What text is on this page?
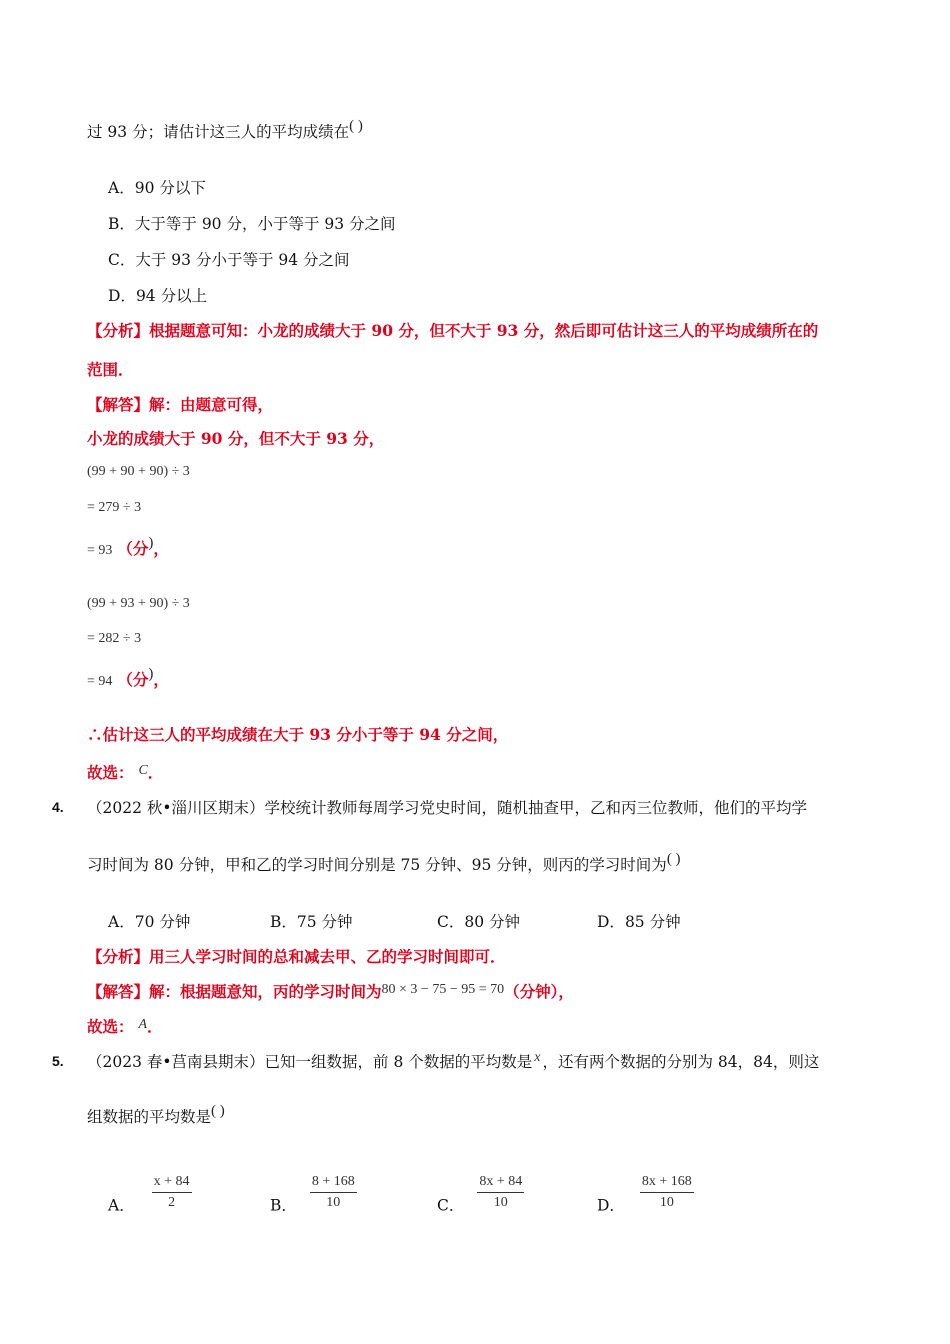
过 93 分；请估计这三人的平均成绩在( )
A．90 分以下
B．大于等于 90 分，小于等于 93 分之间
C．大于 93 分小于等于 94 分之间
D．94 分以上
【分析】根据题意可知：小龙的成绩大于 90 分，但不大于 93 分，然后即可估计这三人的平均成绩所在的
范围．
【解答】解：由题意可得，
小龙的成绩大于 90 分，但不大于 93 分，
(99 + 90 + 90) ÷ 3
= 279 ÷ 3
= 93 （分)，
(99 + 93 + 90) ÷ 3
= 282 ÷ 3
= 94 （分)，
∴估计这三人的平均成绩在大于 93 分小于等于 94 分之间，
故选： C．
4. （2022 秋•淄川区期末）学校统计教师每周学习党史时间，随机抽查甲，乙和丙三位教师，他们的平均学
习时间为 80 分钟，甲和乙的学习时间分别是 75 分钟、95 分钟，则丙的学习时间为( )
A．70 分钟	B．75 分钟	C．80 分钟	D．85 分钟
【分析】用三人学习时间的总和减去甲、乙的学习时间即可．
【解答】解：根据题意知，丙的学习时间为80 × 3 − 75 − 95 = 70（分钟），
故选： A．
5. （2023 春•莒南县期末）已知一组数据，前 8 个数据的平均数是 x ，还有两个数据的分别为 84，84，则这
组数据的平均数是( )
A． $\frac{x + 84}{2}$	B． $\frac{8 + 168}{10}$	C． $\frac{8x + 84}{10}$	D． $\frac{8x + 168}{10}$
